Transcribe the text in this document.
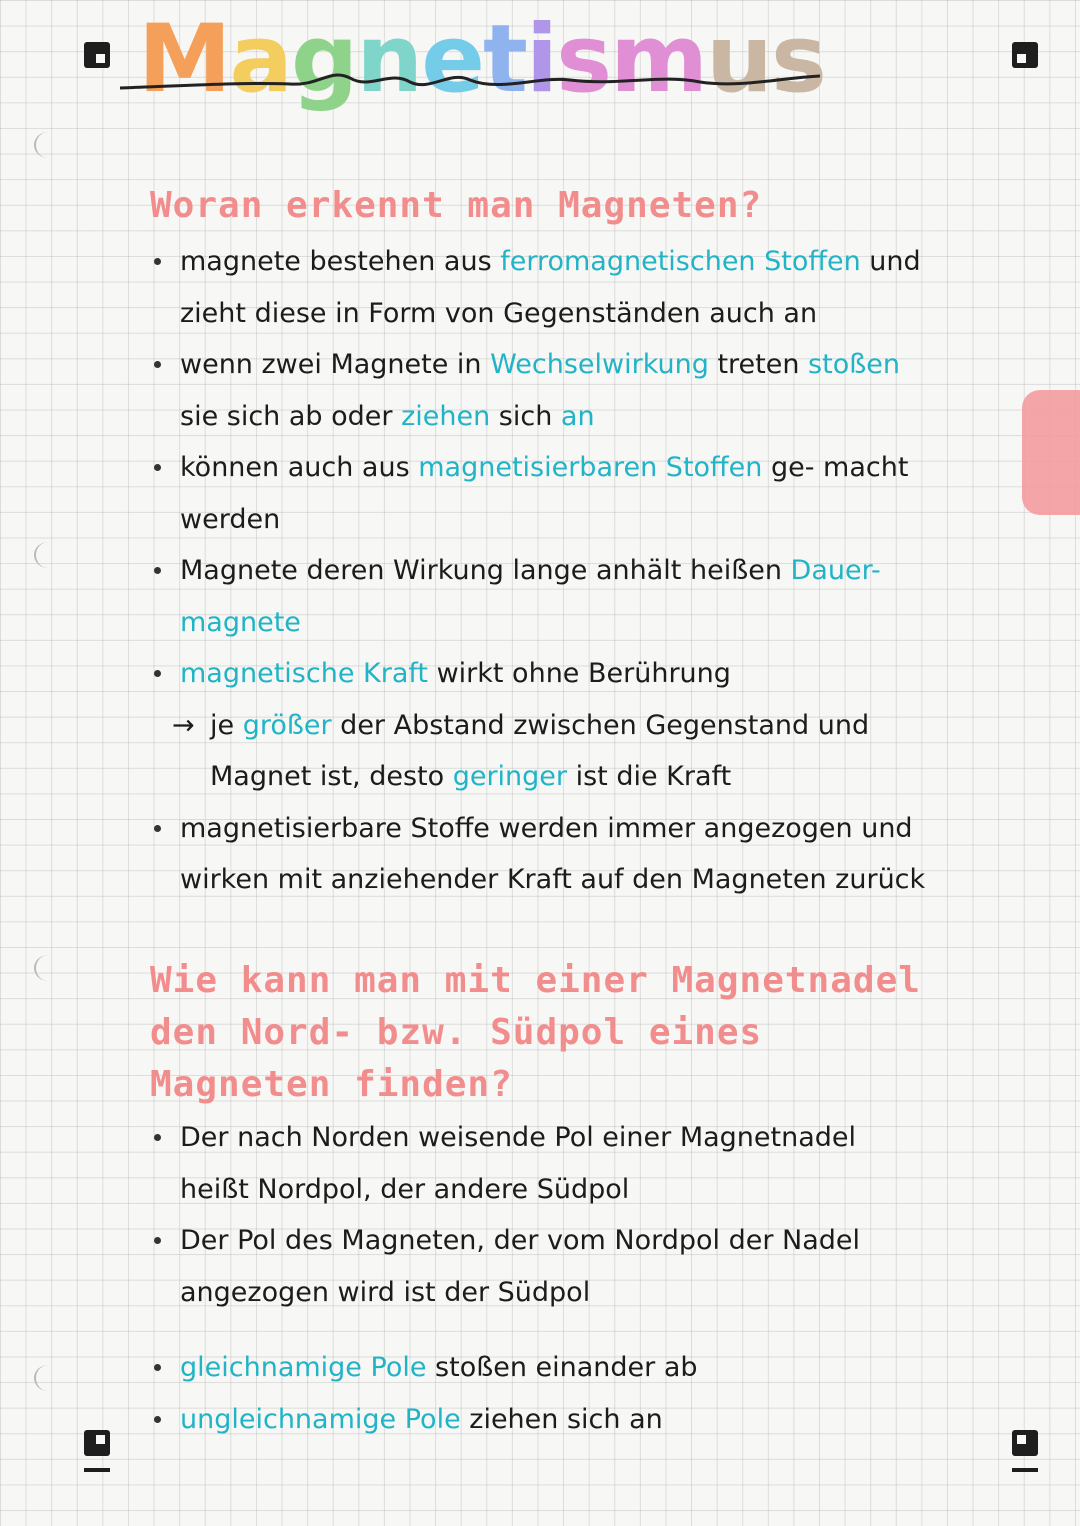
Magnetismus
Woran erkennt man Magneten?
magnete bestehen aus ferromagnetischen Stoffen und zieht diese in Form von Gegenständen auch an
wenn zwei Magnete in Wechselwirkung treten stoßen sie sich ab oder ziehen sich an
können auch aus magnetisierbaren Stoffen ge- macht werden
Magnete deren Wirkung lange anhält heißen Dauer- magnete
magnetische Kraft wirkt ohne Berührung
→ je größer der Abstand zwischen Gegenstand und Magnet ist, desto geringer ist die Kraft
magnetisierbare Stoffe werden immer angezogen und wirken mit anziehender Kraft auf den Magneten zurück
Wie kann man mit einer Magnetnadel den Nord- bzw. Südpol eines Magneten finden?
Der nach Norden weisende Pol einer Magnetnadel heißt Nordpol, der andere Südpol
Der Pol des Magneten, der vom Nordpol der Nadel angezogen wird ist der Südpol
gleichnamige Pole stoßen einander ab
ungleichnamige Pole ziehen sich an
